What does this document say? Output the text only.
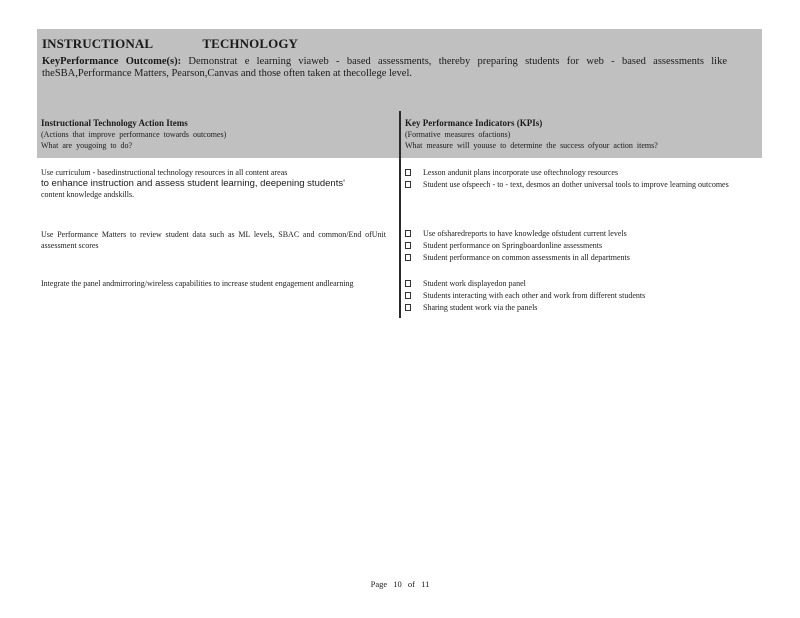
INSTRUCTIONAL               TECHNOLOGY
KeyPerformance Outcome(s): Demonstrat e learning viaweb - based assessments, thereby preparing students for web - based assessments like theSBA,Performance Matters, Pearson,Canvas and those often taken at thecollege level.
Instructional Technology Action Items
(Actions that improve performance towards outcomes)
What are yougoing to do?
Key Performance Indicators (KPIs)
(Formative measures ofactions)
What measure will youuse to determine the success ofyour action items?
Use curriculum - basedinstructional technology resources in all content areas
to enhance instruction and assess student learning, deepening students'
content knowledge andskills.
Use Performance Matters to review student data such as ML levels, SBAC and common/End ofUnit assessment scores
Integrate the panel andmirroring/wireless capabilities to increase student engagement andlearning
Lesson andunit plans incorporate use oftechnology resources
Student use ofspeech - to - text, desmos an dother universal tools to improve learning outcomes
Use ofsharedreports to have knowledge ofstudent current levels
Student performance on Springboardonline assessments
Student performance on common assessments in all departments
Student work displayedon panel
Students interacting with each other and work from different students
Sharing student work via the panels
Page 10 of 11
